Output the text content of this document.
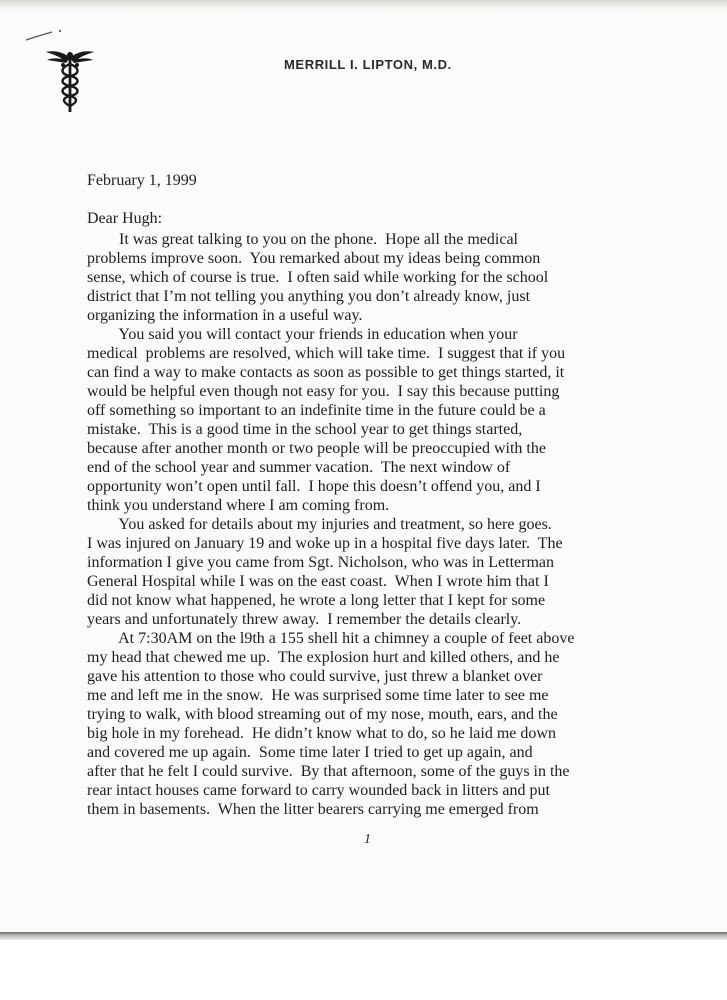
MERRILL I. LIPTON, M.D.
February 1, 1999
Dear Hugh:
It was great talking to you on the phone.  Hope all the medical
problems improve soon.  You remarked about my ideas being common
sense, which of course is true.  I often said while working for the school
district that I’m not telling you anything you don’t already know, just
organizing the information in a useful way.
You said you will contact your friends in education when your
medical  problems are resolved, which will take time.  I suggest that if you
can find a way to make contacts as soon as possible to get things started, it
would be helpful even though not easy for you.  I say this because putting
off something so important to an indefinite time in the future could be a
mistake.  This is a good time in the school year to get things started,
because after another month or two people will be preoccupied with the
end of the school year and summer vacation.  The next window of
opportunity won’t open until fall.  I hope this doesn’t offend you, and I
think you understand where I am coming from.
You asked for details about my injuries and treatment, so here goes.
I was injured on January 19 and woke up in a hospital five days later.  The
information I give you came from Sgt. Nicholson, who was in Letterman
General Hospital while I was on the east coast.  When I wrote him that I
did not know what happened, he wrote a long letter that I kept for some
years and unfortunately threw away.  I remember the details clearly.
At 7:30AM on the l9th a 155 shell hit a chimney a couple of feet above
my head that chewed me up.  The explosion hurt and killed others, and he
gave his attention to those who could survive, just threw a blanket over
me and left me in the snow.  He was surprised some time later to see me
trying to walk, with blood streaming out of my nose, mouth, ears, and the
big hole in my forehead.  He didn’t know what to do, so he laid me down
and covered me up again.  Some time later I tried to get up again, and
after that he felt I could survive.  By that afternoon, some of the guys in the
rear intact houses came forward to carry wounded back in litters and put
them in basements.  When the litter bearers carrying me emerged from
1
